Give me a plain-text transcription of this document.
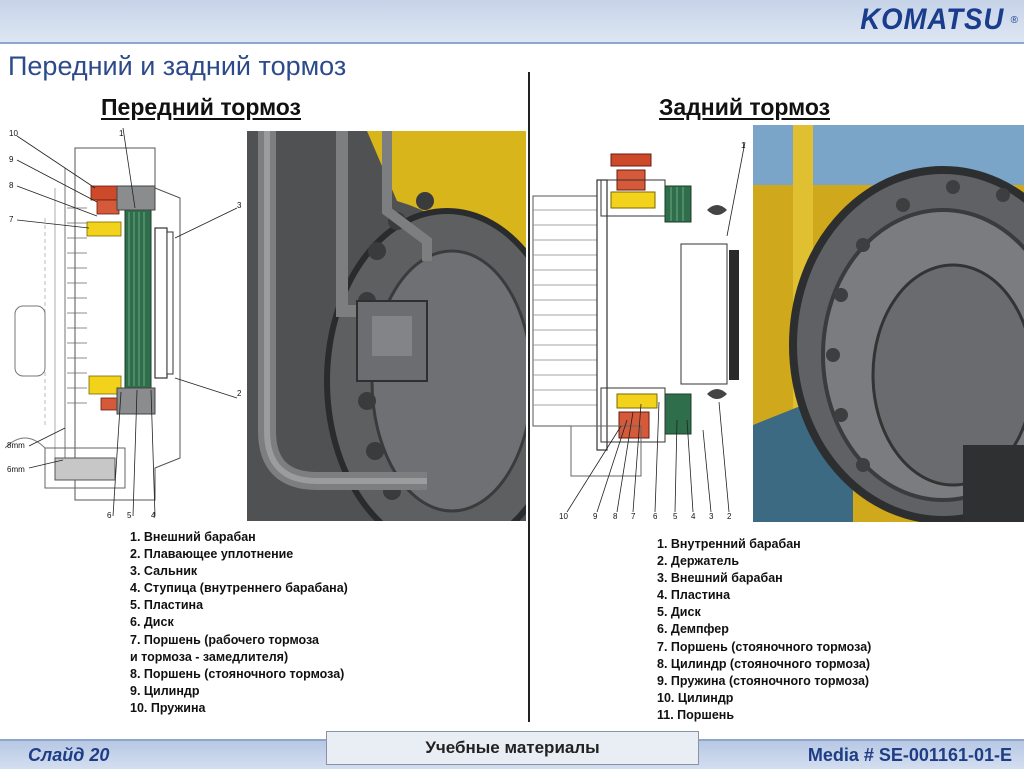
KOMATSU ®
Передний и задний тормоз
Передний тормоз
10
9
8
7
8mm
6mm
6 5 4
3
2
1
1. Внешний барабан
2. Плавающее уплотнение
3. Сальник
4. Ступица (внутреннего барабана)
5. Пластина
6. Диск
7. Поршень (рабочего тормоза
и тормоза - замедлителя)
8. Поршень (стояночного тормоза)
9. Цилиндр
10. Пружина
Задний тормоз
10	9 8 7 6 5 4 3 2
1
1. Внутренний барабан
2. Держатель
3. Внешний барабан
4. Пластина
5. Диск
6. Демпфер
7. Поршень (стояночного тормоза)
8. Цилиндр (стояночного тормоза)
9. Пружина (стояночного тормоза)
10. Цилиндр
11. Поршень
Слайд 20	Учебные материалы	Media # SE-001161-01-E
